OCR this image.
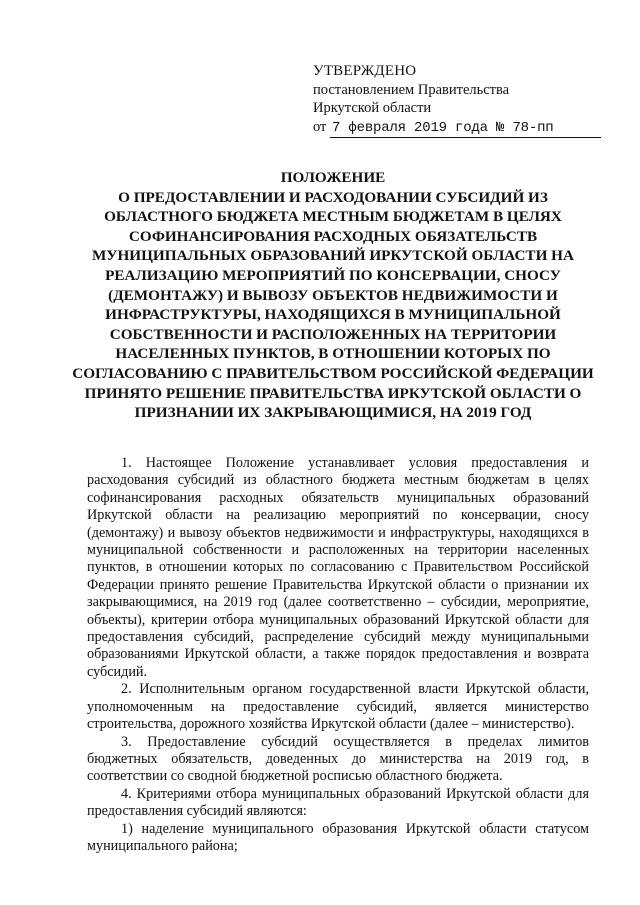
УТВЕРЖДЕНО
постановлением Правительства
Иркутской области
от 7 февраля 2019 года № 78-пп
ПОЛОЖЕНИЕ
О ПРЕДОСТАВЛЕНИИ И РАСХОДОВАНИИ СУБСИДИЙ ИЗ ОБЛАСТНОГО БЮДЖЕТА МЕСТНЫМ БЮДЖЕТАМ В ЦЕЛЯХ СОФИНАНСИРОВАНИЯ РАСХОДНЫХ ОБЯЗАТЕЛЬСТВ МУНИЦИПАЛЬНЫХ ОБРАЗОВАНИЙ ИРКУТСКОЙ ОБЛАСТИ НА РЕАЛИЗАЦИЮ МЕРОПРИЯТИЙ ПО КОНСЕРВАЦИИ, СНОСУ (ДЕМОНТАЖУ) И ВЫВОЗУ ОБЪЕКТОВ НЕДВИЖИМОСТИ И ИНФРАСТРУКТУРЫ, НАХОДЯЩИХСЯ В МУНИЦИПАЛЬНОЙ СОБСТВЕННОСТИ И РАСПОЛОЖЕННЫХ НА ТЕРРИТОРИИ НАСЕЛЕННЫХ ПУНКТОВ, В ОТНОШЕНИИ КОТОРЫХ ПО СОГЛАСОВАНИЮ С ПРАВИТЕЛЬСТВОМ РОССИЙСКОЙ ФЕДЕРАЦИИ ПРИНЯТО РЕШЕНИЕ ПРАВИТЕЛЬСТВА ИРКУТСКОЙ ОБЛАСТИ О ПРИЗНАНИИ ИХ ЗАКРЫВАЮЩИМИСЯ, НА 2019 ГОД

1. Настоящее Положение устанавливает условия предоставления и расходования субсидий из областного бюджета местным бюджетам в целях софинансирования расходных обязательств муниципальных образований Иркутской области на реализацию мероприятий по консервации, сносу (демонтажу) и вывозу объектов недвижимости и инфраструктуры, находящихся в муниципальной собственности и расположенных на территории населенных пунктов, в отношении которых по согласованию с Правительством Российской Федерации принято решение Правительства Иркутской области о признании их закрывающимися, на 2019 год (далее соответственно – субсидии, мероприятие, объекты), критерии отбора муниципальных образований Иркутской области для предоставления субсидий, распределение субсидий между муниципальными образованиями Иркутской области, а также порядок предоставления и возврата субсидий.

2. Исполнительным органом государственной власти Иркутской области, уполномоченным на предоставление субсидий, является министерство строительства, дорожного хозяйства Иркутской области (далее – министерство).

3. Предоставление субсидий осуществляется в пределах лимитов бюджетных обязательств, доведенных до министерства на 2019 год, в соответствии со сводной бюджетной росписью областного бюджета.

4. Критериями отбора муниципальных образований Иркутской области для предоставления субсидий являются:

1) наделение муниципального образования Иркутской области статусом муниципального района;
